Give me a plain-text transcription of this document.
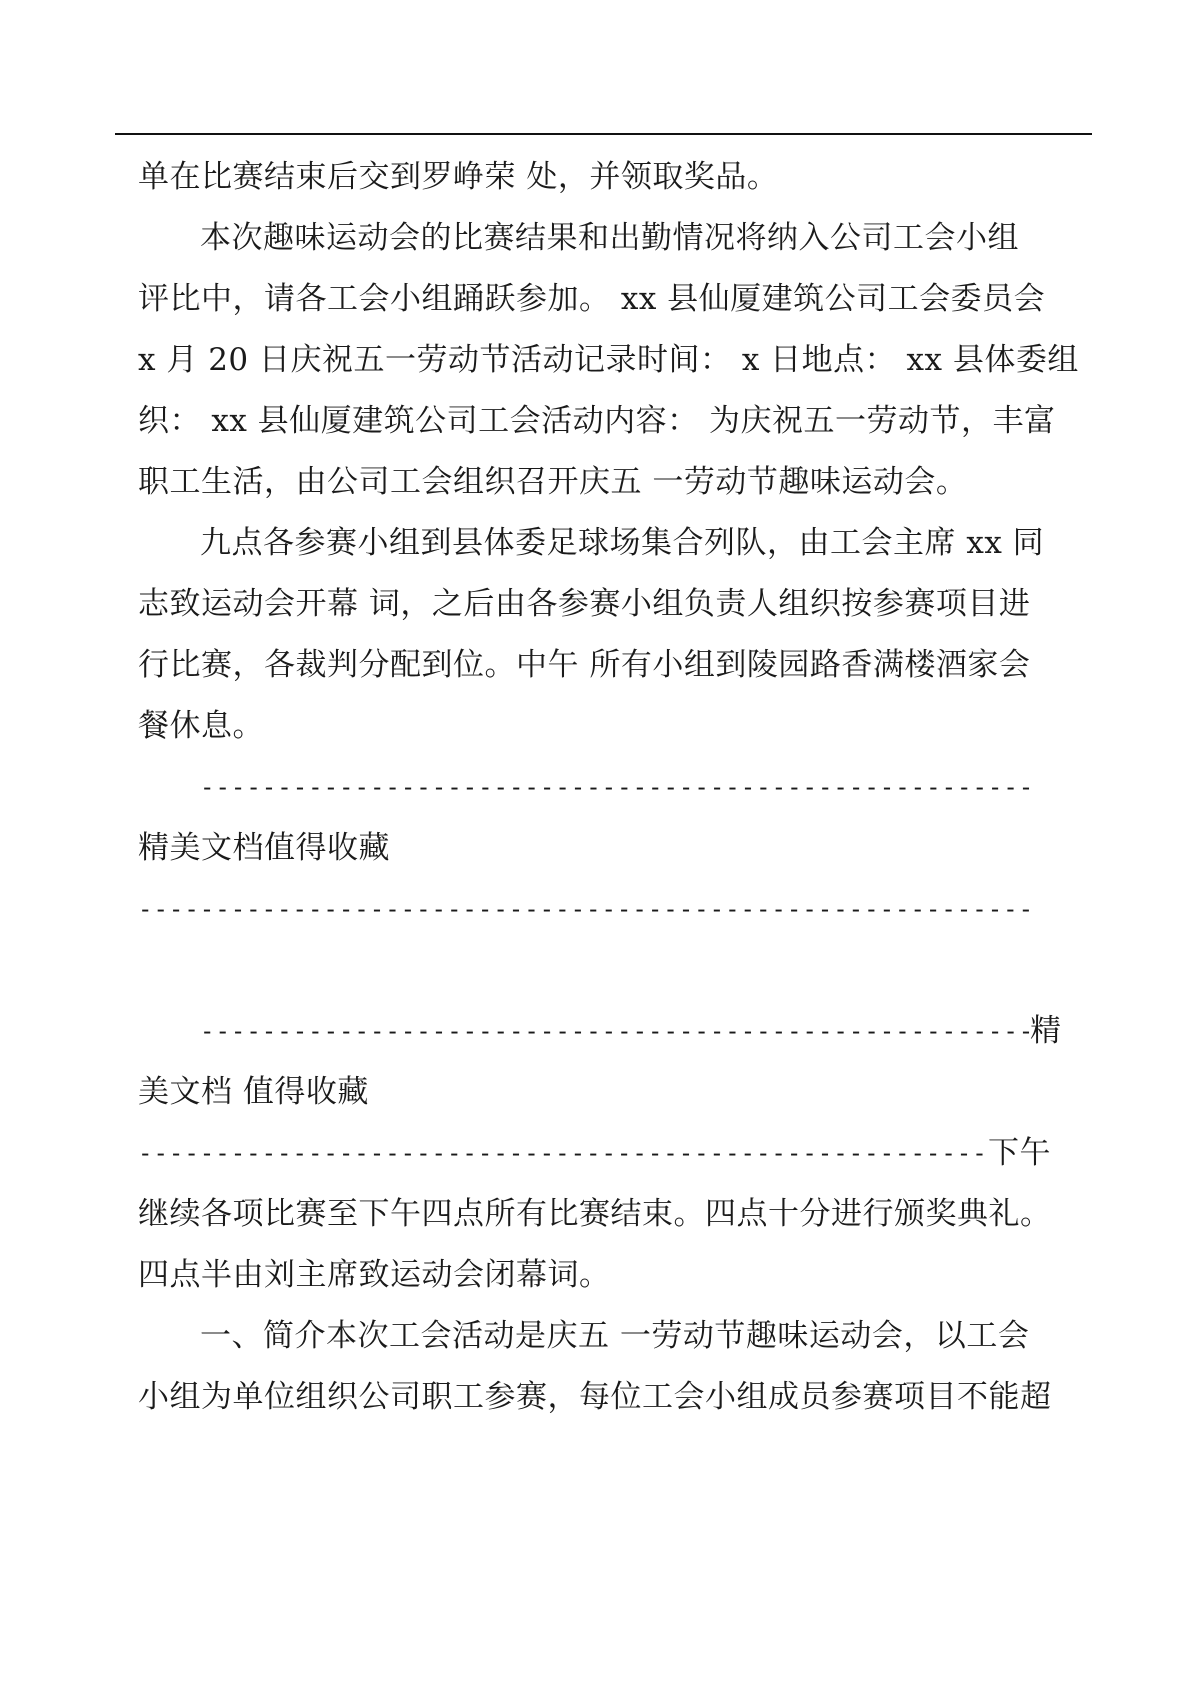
单在比赛结束后交到罗峥荣 处，并领取奖品。
本次趣味运动会的比赛结果和出勤情况将纳入公司工会小组
评比中，请各工会小组踊跃参加。 xx 县仙厦建筑公司工会委员会
x 月 20 日庆祝五一劳动节活动记录时间： x 日地点： xx 县体委组
织： xx 县仙厦建筑公司工会活动内容： 为庆祝五一劳动节，丰富
职工生活，由公司工会组织召开庆五 一劳动节趣味运动会。
九点各参赛小组到县体委足球场集合列队，由工会主席 xx 同
志致运动会开幕 词，之后由各参赛小组负责人组织按参赛项目进
行比赛，各裁判分配到位。中午 所有小组到陵园路香满楼酒家会
餐休息。
------------------------------------------------------
精美文档值得收藏
----------------------------------------------------------
------------------------------------------------------
精
美文档 值得收藏
------------------------------------------------------- 下午
继续各项比赛至下午四点所有比赛结束。四点十分进行颁奖典礼。
四点半由刘主席致运动会闭幕词。
一、简介本次工会活动是庆五 一劳动节趣味运动会，以工会
小组为单位组织公司职工参赛，每位工会小组成员参赛项目不能超
